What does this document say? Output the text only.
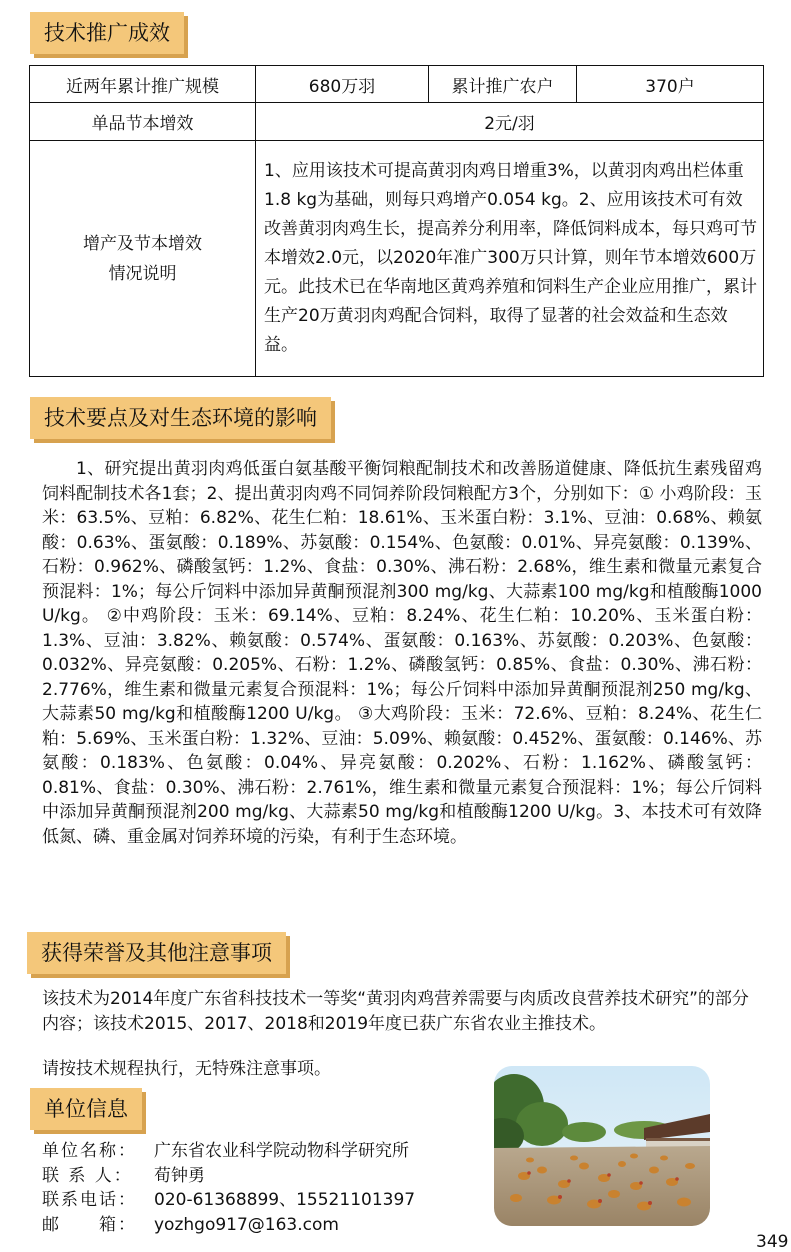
技术推广成效
近两年累计推广规模	680万羽	累计推广农户	370户
单品节本增效	2元/羽		

增产及节本增效
情况说明	1、应用该技术可提高黄羽肉鸡日增重3%，以黄羽肉鸡出栏体重1.8 kg为基础，则每只鸡增产0.054 kg。2、应用该技术可有效改善黄羽肉鸡生长，提高养分利用率，降低饲料成本，每只鸡可节本增效2.0元，以2020年准广300万只计算，则年节本增效600万元。此技术已在华南地区黄鸡养殖和饲料生产企业应用推广，累计生产20万黄羽肉鸡配合饲料，取得了显著的社会效益和生态效益。		
技术要点及对生态环境的影响

1、研究提出黄羽肉鸡低蛋白氨基酸平衡饲粮配制技术和改善肠道健康、降低抗生素残留鸡饲料配制技术各1套；2、提出黄羽肉鸡不同饲养阶段饲粮配方3个，分别如下：① 小鸡阶段：玉米：63.5%、豆粕：6.82%、花生仁粕：18.61%、玉米蛋白粉：3.1%、豆油：0.68%、赖氨酸：0.63%、蛋氨酸：0.189%、苏氨酸：0.154%、色氨酸：0.01%、异亮氨酸：0.139%、石粉：0.962%、磷酸氢钙：1.2%、食盐：0.30%、沸石粉：2.68%，维生素和微量元素复合预混料：1%；每公斤饲料中添加异黄酮预混剂300 mg/kg、大蒜素100 mg/kg和植酸酶1000 U/kg。 ②中鸡阶段：玉米：69.14%、豆粕：8.24%、花生仁粕：10.20%、玉米蛋白粉：1.3%、豆油：3.82%、赖氨酸：0.574%、蛋氨酸：0.163%、苏氨酸：0.203%、色氨酸：0.032%、异亮氨酸：0.205%、石粉：1.2%、磷酸氢钙：0.85%、食盐：0.30%、沸石粉：2.776%，维生素和微量元素复合预混料：1%；每公斤饲料中添加异黄酮预混剂250 mg/kg、大蒜素50 mg/kg和植酸酶1200 U/kg。 ③大鸡阶段：玉米：72.6%、豆粕：8.24%、花生仁粕：5.69%、玉米蛋白粉：1.32%、豆油：5.09%、赖氨酸：0.452%、蛋氨酸：0.146%、苏氨酸：0.183%、色氨酸：0.04%、异亮氨酸：0.202%、石粉：1.162%、磷酸氢钙：0.81%、食盐：0.30%、沸石粉：2.761%，维生素和微量元素复合预混料：1%；每公斤饲料中添加异黄酮预混剂200 mg/kg、大蒜素50 mg/kg和植酸酶1200 U/kg。3、本技术可有效降低氮、磷、重金属对饲养环境的污染，有利于生态环境。

获得荣誉及其他注意事项

该技术为2014年度广东省科技技术一等奖“黄羽肉鸡营养需要与肉质改良营养技术研究”的部分内容；该技术2015、2017、2018和2019年度已获广东省农业主推技术。

请按技术规程执行，无特殊注意事项。

单位信息
单位名称： 广东省农业科学院动物科学研究所
联 系 人： 荀钟勇
联系电话： 020-61368899、15521101397
邮　　箱： yozhgo917@163.com
349
